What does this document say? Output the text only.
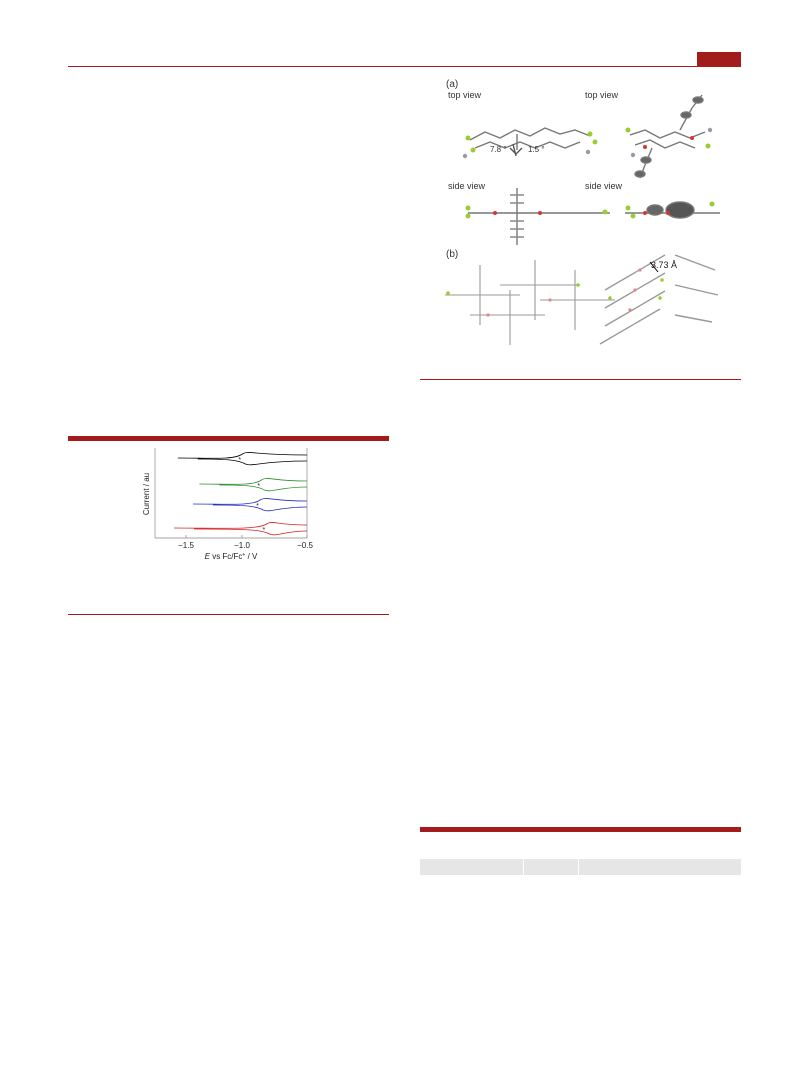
−1.5	−1.0	−0.5
Current / au
E vs Fc/Fc+ / V
*
*
*
*
(a)
top view	top view
side view	side view
(b)
7.8 °	1.5 °
3.73 Å
